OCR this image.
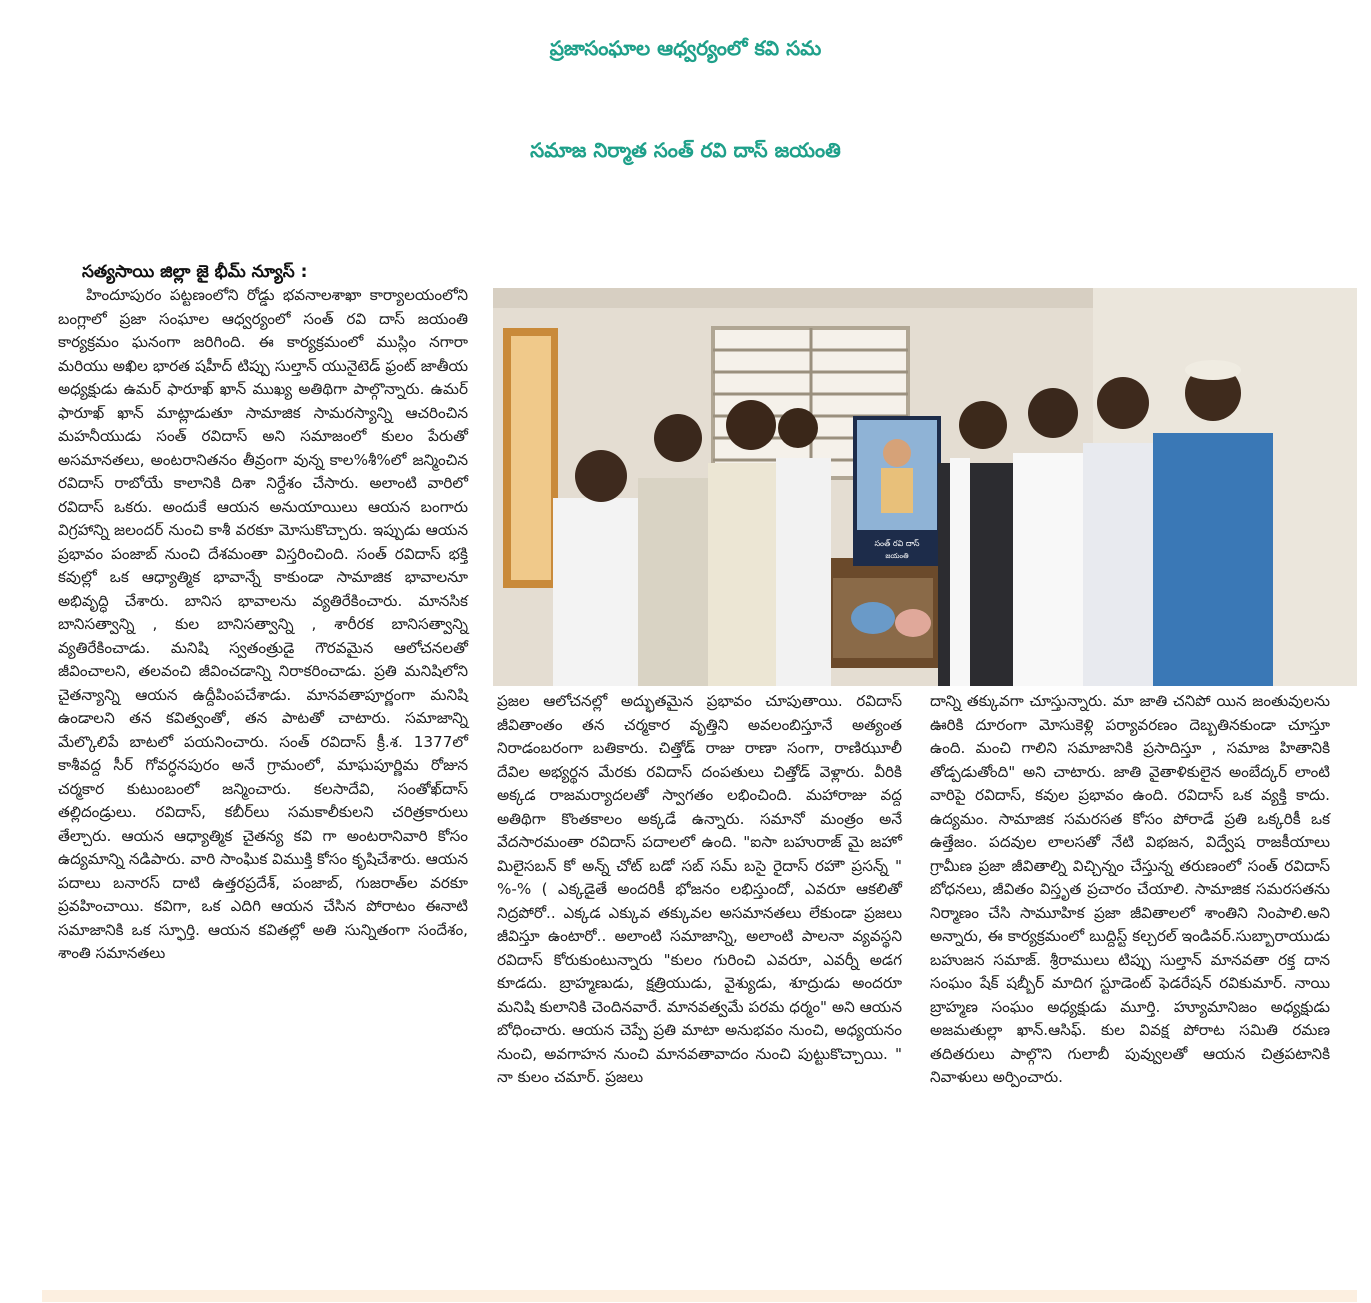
ప్రజాసంఘాల ఆధ్వర్యంలో కవి సమ
సమాజ నిర్మాత సంత్ రవి దాస్ జయంతి
సత్యసాయి జిల్లా జై భీమ్ న్యూస్ :

హిందూపురం పట్టణంలోని రోడ్డు భవనాలశాఖా కార్యాలయంలోని బంగ్లాలో ప్రజా సంఘాల ఆధ్వర్యంలో సంత్ రవి దాస్ జయంతి కార్యక్రమం ఘనంగా జరిగింది. ఈ కార్యక్రమంలో ముస్లిం నగారా మరియు అఖిల భారత షహీద్ టిప్పు సుల్తాన్ యునైటెడ్ ఫ్రంట్ జాతీయ అధ్యక్షుడు ఉమర్ ఫారూఖ్ ఖాన్ ముఖ్య అతిథిగా పాల్గొన్నారు. ఉమర్ ఫారూఖ్ ఖాన్ మాట్లాడుతూ సామాజిక సామరస్యాన్ని ఆచరించిన మహనీయుడు సంత్ రవిదాస్ అని సమాజంలో కులం పేరుతో అసమానతలు, అంటరానితనం తీవ్రంగా వున్న కాల%శీ%లో జన్మించిన రవిదాస్ రాబోయే కాలానికి దిశా నిర్దేశం చేసారు. అలాంటి వారిలో రవిదాస్ ఒకరు. అందుకే ఆయన అనుయాయిలు ఆయన బంగారు విగ్రహాన్ని జలందర్ నుంచి కాశీ వరకూ మోసుకొచ్చారు. ఇప్పుడు ఆయన ప్రభావం పంజాబ్ నుంచి దేశమంతా విస్తరించింది. సంత్ రవిదాస్ భక్తి కవుల్లో ఒక ఆధ్యాత్మిక భావాన్నే కాకుండా సామాజిక భావాలనూ అభివృద్ధి చేశారు. బానిస భావాలను వ్యతిరేకించారు. మానసిక బానిసత్వాన్ని , కుల బానిసత్వాన్ని , శారీరక బానిసత్వాన్ని వ్యతిరేకించాడు. మనిషి స్వతంత్రుడై గౌరవమైన ఆలోచనలతో జీవించాలని, తలవంచి జీవించడాన్ని నిరాకరించాడు. ప్రతి మనిషిలోని చైతన్యాన్ని ఆయన ఉద్దీపింపచేశాడు. మానవతాపూర్ణంగా మనిషి ఉండాలని తన కవిత్వంతో, తన పాటతో చాటారు. సమాజాన్ని మేల్కొలిపే బాటలో పయనించారు. సంత్ రవిదాస్ క్రీ.శ. 1377లో కాశీవద్ద సీర్ గోవర్ధనపురం అనే గ్రామంలో, మాఘపూర్ణిమ రోజున చర్మకార కుటుంబంలో జన్మించారు. కలసాదేవి, సంతోఖ్‌దాస్ తల్లిదండ్రులు. రవిదాస్, కబీర్‌లు సమకాలీకులని చరిత్రకారులు తేల్చారు. ఆయన ఆధ్యాత్మిక చైతన్య కవి గా అంటరానివారి కోసం ఉద్యమాన్ని నడిపారు. వారి సాంఘిక విముక్తి కోసం కృషిచేశారు. ఆయన పదాలు బనారస్ దాటి ఉత్తరప్రదేశ్, పంజాబ్, గుజరాత్‌ల వరకూ ప్రవహించాయి. కవిగా, ఒక ఎదిగి ఆయన చేసిన పోరాటం ఈనాటి సమాజానికి ఒక స్ఫూర్తి. ఆయన కవితల్లో అతి సున్నితంగా సందేశం, శాంతి సమానతలు

సంత్ రవి దాస్
జయంతి

ప్రజల ఆలోచనల్లో అద్భుతమైన ప్రభావం చూపుతాయి. రవిదాస్ జీవితాంతం తన చర్మకార వృత్తిని అవలంబిస్తూనే అత్యంత నిరాడంబరంగా బతికారు. చిత్తోడ్ రాజు రాణా సంగా, రాణిఝూలీ దేవిల అభ్యర్థన మేరకు రవిదాస్ దంపతులు చిత్తోడ్ వెళ్లారు. వీరికి అక్కడ రాజమర్యాదలతో స్వాగతం లభించింది. మహారాజు వద్ద అతిథిగా కొంతకాలం అక్కడే ఉన్నారు. సమానో మంత్రం అనే వేదసారమంతా రవిదాస్ పదాలలో ఉంది. "ఐసా బహురాజ్ మై జహో మిలైసబన్ కో అన్న్ చోట్ బడో సబ్ సమ్ బసై రైదాస్ రహౌ ప్రసన్న్ " %-% ( ఎక్కడైతే అందరికీ భోజనం లభిస్తుందో, ఎవరూ ఆకలితో నిద్రపోరో.. ఎక్కడ ఎక్కువ తక్కువల అసమానతలు లేకుండా ప్రజలు జీవిస్తూ ఉంటారో.. అలాంటి సమాజాన్ని, అలాంటి పాలనా వ్యవస్థని రవిదాస్ కోరుకుంటున్నారు "కులం గురించి ఎవరూ, ఎవర్నీ అడగ కూడదు. బ్రాహ్మణుడు, క్షత్రియుడు, వైశ్యుడు, శూద్రుడు అందరూ మనిషి కులానికి చెందినవారే. మానవత్వమే పరమ ధర్మం" అని ఆయన బోధించారు. ఆయన చెప్పే ప్రతి మాటా అనుభవం నుంచి, అధ్యయనం నుంచి, అవగాహన నుంచి మానవతావాదం నుంచి పుట్టుకొచ్చాయి. " నా కులం చమార్. ప్రజలు

దాన్ని తక్కువగా చూస్తున్నారు. మా జాతి చనిపో యిన జంతువులను ఊరికి దూరంగా మోసుకెళ్లి పర్యావరణం దెబ్బతినకుండా చూస్తూ ఉంది. మంచి గాలిని సమాజానికి ప్రసాదిస్తూ , సమాజ హితానికి తోడ్పడుతోంది" అని చాటారు. జాతి వైతాళికులైన అంబేద్కర్ లాంటి వారిపై రవిదాస్, కవుల ప్రభావం ఉంది. రవిదాస్ ఒక వ్యక్తి కాదు. ఉద్యమం. సామాజిక సమరసత కోసం పోరాడే ప్రతి ఒక్కరికీ ఒక ఉత్తేజం. పదవుల లాలసతో నేటి విభజన, విద్వేష రాజకీయాలు గ్రామీణ ప్రజా జీవితాల్ని విచ్చిన్నం చేస్తున్న తరుణంలో సంత్ రవిదాస్ బోధనలు, జీవితం విస్తృత ప్రచారం చేయాలి. సామాజిక సమరసతను నిర్మాణం చేసి సామూహిక ప్రజా జీవితాలలో శాంతిని నింపాలి.అని అన్నారు, ఈ కార్యక్రమంలో బుద్దిస్ట్ కల్చరల్ ఇండివర్.సుబ్బారాయుడు బహుజన సమాజ్. శ్రీరాములు టిప్పు సుల్తాన్ మానవతా రక్త దాన సంఘం షేక్ షబ్బీర్ మాదిగ స్టూడెంట్ ఫెడరేషన్ రవికుమార్. నాయి బ్రాహ్మణ సంఘం అధ్యక్షుడు మూర్తి. హ్యూమానిజం అధ్యక్షుడు అజమతుల్లా ఖాన్.ఆసిఫ్. కుల వివక్ష పోరాట సమితి రమణ తదితరులు పాల్గొని గులాబీ పువ్వులతో ఆయన చిత్రపటానికి నివాళులు అర్పించారు.
